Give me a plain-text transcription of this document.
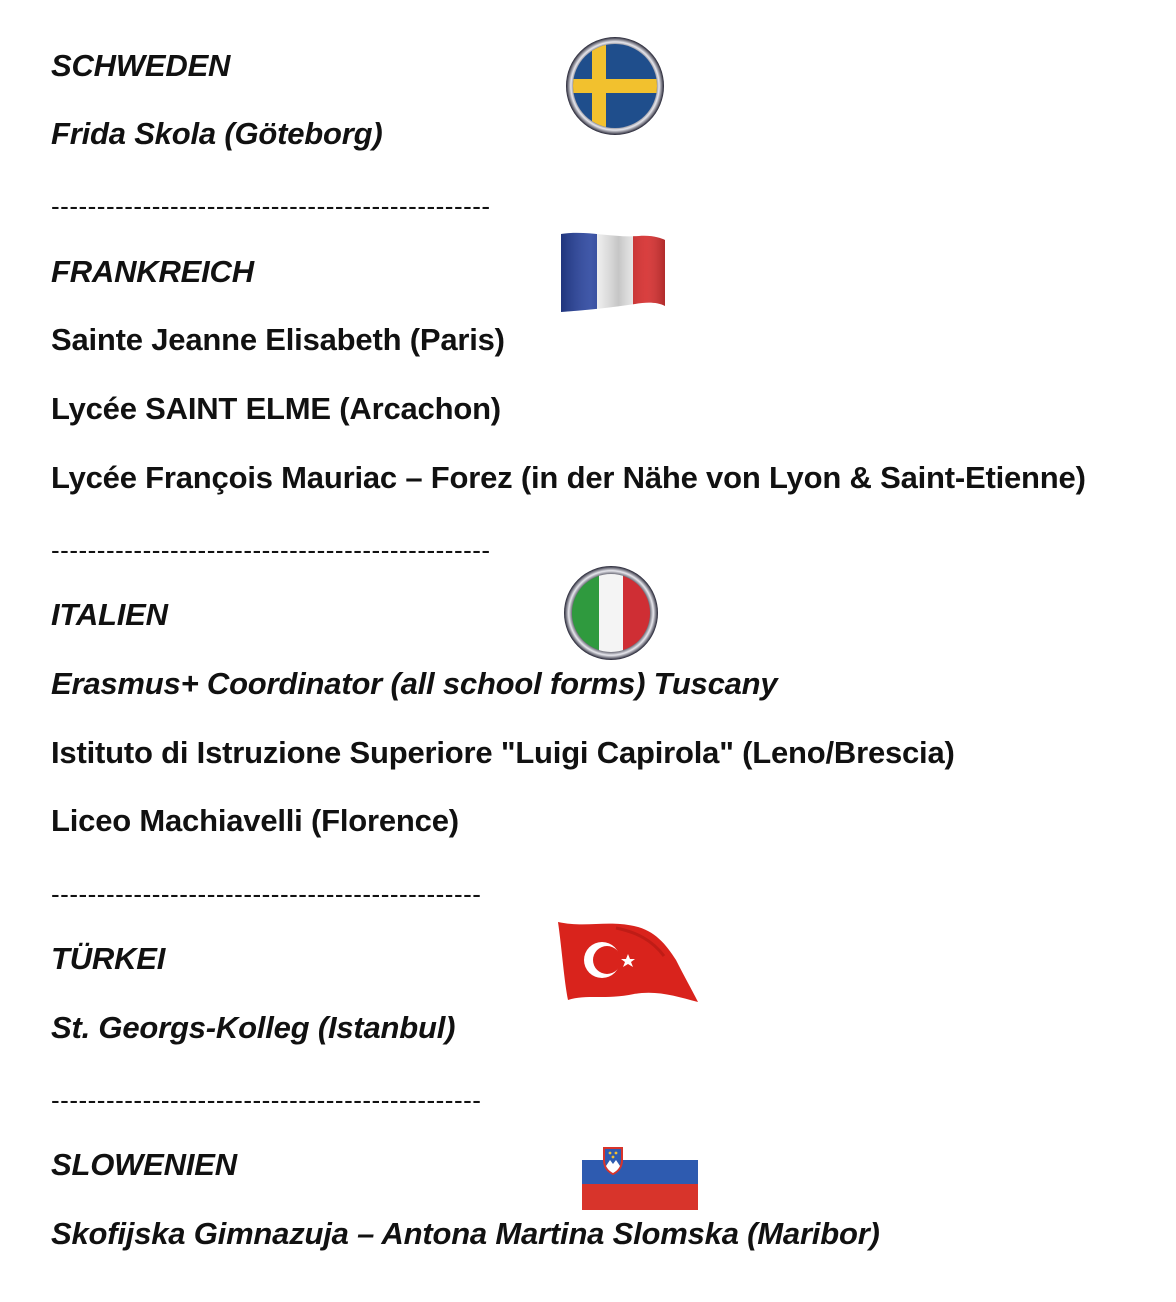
SCHWEDEN
Frida Skola (Göteborg)
------------------------------------------------
FRANKREICH
Sainte Jeanne Elisabeth (Paris)
Lycée SAINT ELME (Arcachon)
Lycée François Mauriac – Forez (in der Nähe von Lyon & Saint-Etienne)
------------------------------------------------
ITALIEN
Erasmus+ Coordinator (all school forms) Tuscany
Istituto di Istruzione Superiore "Luigi Capirola" (Leno/Brescia)
Liceo Machiavelli (Florence)
-----------------------------------------------
TÜRKEI
St. Georgs-Kolleg (Istanbul)
-----------------------------------------------
SLOWENIEN
Skofijska Gimnazuja – Antona Martina Slomska (Maribor)
